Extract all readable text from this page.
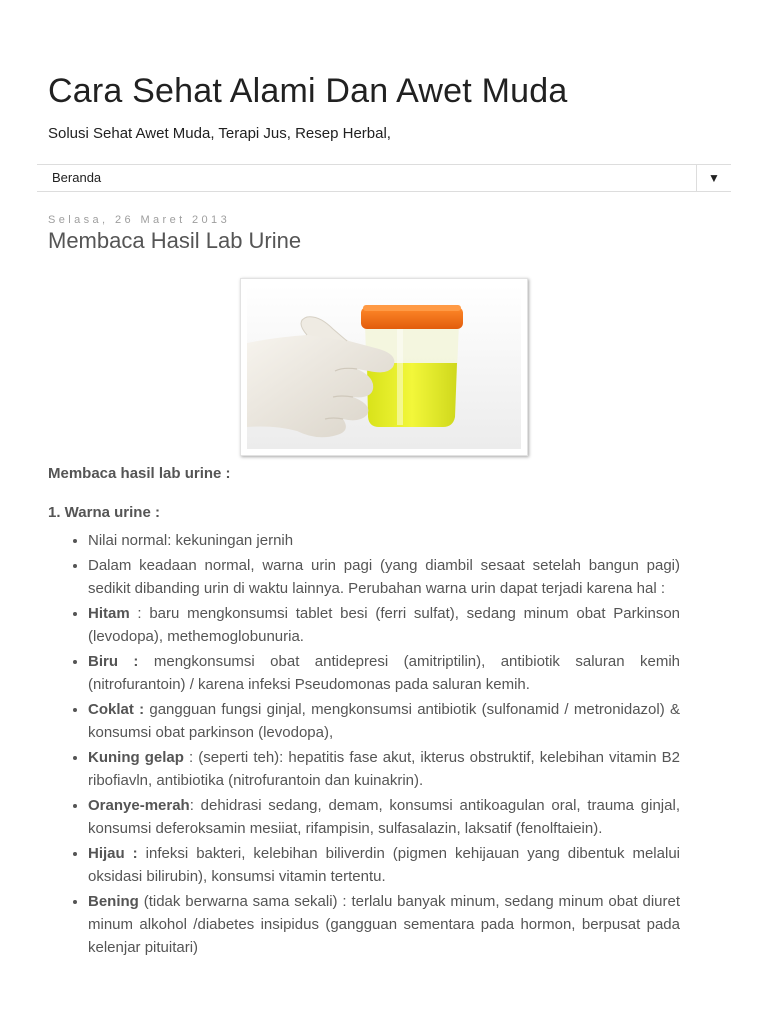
Cara Sehat Alami Dan Awet Muda
Solusi Sehat Awet Muda, Terapi Jus, Resep Herbal,
Beranda	▼
Selasa, 26 Maret 2013
Membaca Hasil Lab Urine

Membaca hasil lab urine :

1. Warna urine :

• Nilai normal: kekuningan jernih
• Dalam keadaan normal, warna urin pagi (yang diambil sesaat setelah bangun pagi) sedikit dibanding urin di waktu lainnya. Perubahan warna urin dapat terjadi karena hal :
• Hitam : baru mengkonsumsi tablet besi (ferri sulfat), sedang minum obat Parkinson (levodopa), methemoglobunuria.
• Biru : mengkonsumsi obat antidepresi (amitriptilin), antibiotik saluran kemih (nitrofurantoin) / karena infeksi Pseudomonas pada saluran kemih.
• Coklat : gangguan fungsi ginjal, mengkonsumsi antibiotik (sulfonamid / metronidazol) & konsumsi obat parkinson (levodopa),
• Kuning gelap : (seperti teh): hepatitis fase akut, ikterus obstruktif, kelebihan vitamin B2 ribofiavln, antibiotika (nitrofurantoin dan kuinakrin).
• Oranye-merah: dehidrasi sedang, demam, konsumsi antikoagulan oral, trauma ginjal, konsumsi deferoksamin mesiiat, rifampisin, sulfasalazin, laksatif (fenolftaiein).
• Hijau : infeksi bakteri, kelebihan biliverdin (pigmen kehijauan yang dibentuk melalui oksidasi bilirubin), konsumsi vitamin tertentu.
• Bening (tidak berwarna sama sekali) : terlalu banyak minum, sedang minum obat diuret minum alkohol /diabetes insipidus (gangguan sementara pada hormon, berpusat pada kelenjar pituitari)
